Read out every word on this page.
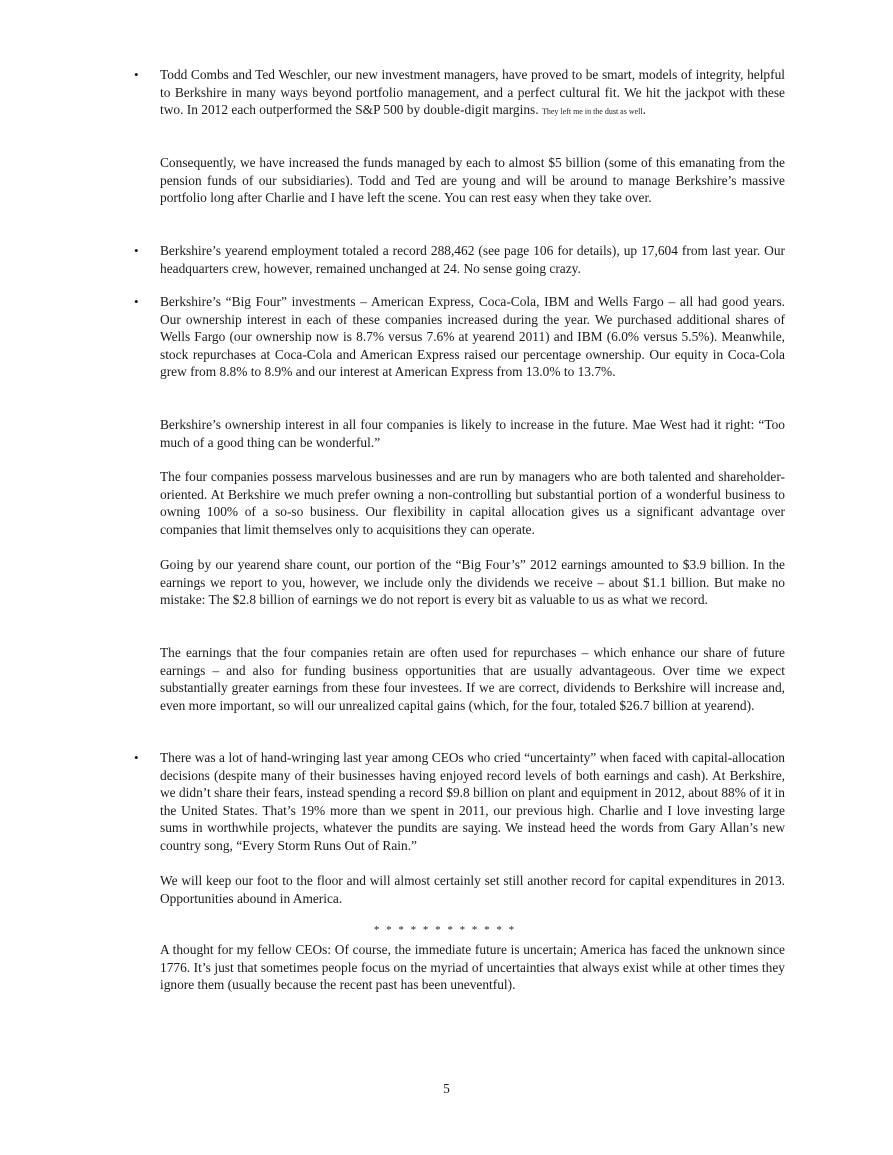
• Todd Combs and Ted Weschler, our new investment managers, have proved to be smart, models of integrity, helpful to Berkshire in many ways beyond portfolio management, and a perfect cultural fit. We hit the jackpot with these two. In 2012 each outperformed the S&P 500 by double-digit margins. They left me in the dust as well.

Consequently, we have increased the funds managed by each to almost $5 billion (some of this emanating from the pension funds of our subsidiaries). Todd and Ted are young and will be around to manage Berkshire’s massive portfolio long after Charlie and I have left the scene. You can rest easy when they take over.

• Berkshire’s yearend employment totaled a record 288,462 (see page 106 for details), up 17,604 from last year. Our headquarters crew, however, remained unchanged at 24. No sense going crazy.

• Berkshire’s “Big Four” investments – American Express, Coca-Cola, IBM and Wells Fargo – all had good years. Our ownership interest in each of these companies increased during the year. We purchased additional shares of Wells Fargo (our ownership now is 8.7% versus 7.6% at yearend 2011) and IBM (6.0% versus 5.5%). Meanwhile, stock repurchases at Coca-Cola and American Express raised our percentage ownership. Our equity in Coca-Cola grew from 8.8% to 8.9% and our interest at American Express from 13.0% to 13.7%.

Berkshire’s ownership interest in all four companies is likely to increase in the future. Mae West had it right: “Too much of a good thing can be wonderful.”

The four companies possess marvelous businesses and are run by managers who are both talented and shareholder-oriented. At Berkshire we much prefer owning a non-controlling but substantial portion of a wonderful business to owning 100% of a so-so business. Our flexibility in capital allocation gives us a significant advantage over companies that limit themselves only to acquisitions they can operate.

Going by our yearend share count, our portion of the “Big Four’s” 2012 earnings amounted to $3.9 billion. In the earnings we report to you, however, we include only the dividends we receive – about $1.1 billion. But make no mistake: The $2.8 billion of earnings we do not report is every bit as valuable to us as what we record.

The earnings that the four companies retain are often used for repurchases – which enhance our share of future earnings – and also for funding business opportunities that are usually advantageous. Over time we expect substantially greater earnings from these four investees. If we are correct, dividends to Berkshire will increase and, even more important, so will our unrealized capital gains (which, for the four, totaled $26.7 billion at yearend).

• There was a lot of hand-wringing last year among CEOs who cried “uncertainty” when faced with capital-allocation decisions (despite many of their businesses having enjoyed record levels of both earnings and cash). At Berkshire, we didn’t share their fears, instead spending a record $9.8 billion on plant and equipment in 2012, about 88% of it in the United States. That’s 19% more than we spent in 2011, our previous high. Charlie and I love investing large sums in worthwhile projects, whatever the pundits are saying. We instead heed the words from Gary Allan’s new country song, “Every Storm Runs Out of Rain.”

We will keep our foot to the floor and will almost certainly set still another record for capital expenditures in 2013. Opportunities abound in America.

* * * * * * * * * * * *

A thought for my fellow CEOs: Of course, the immediate future is uncertain; America has faced the unknown since 1776. It’s just that sometimes people focus on the myriad of uncertainties that always exist while at other times they ignore them (usually because the recent past has been uneventful).

5
